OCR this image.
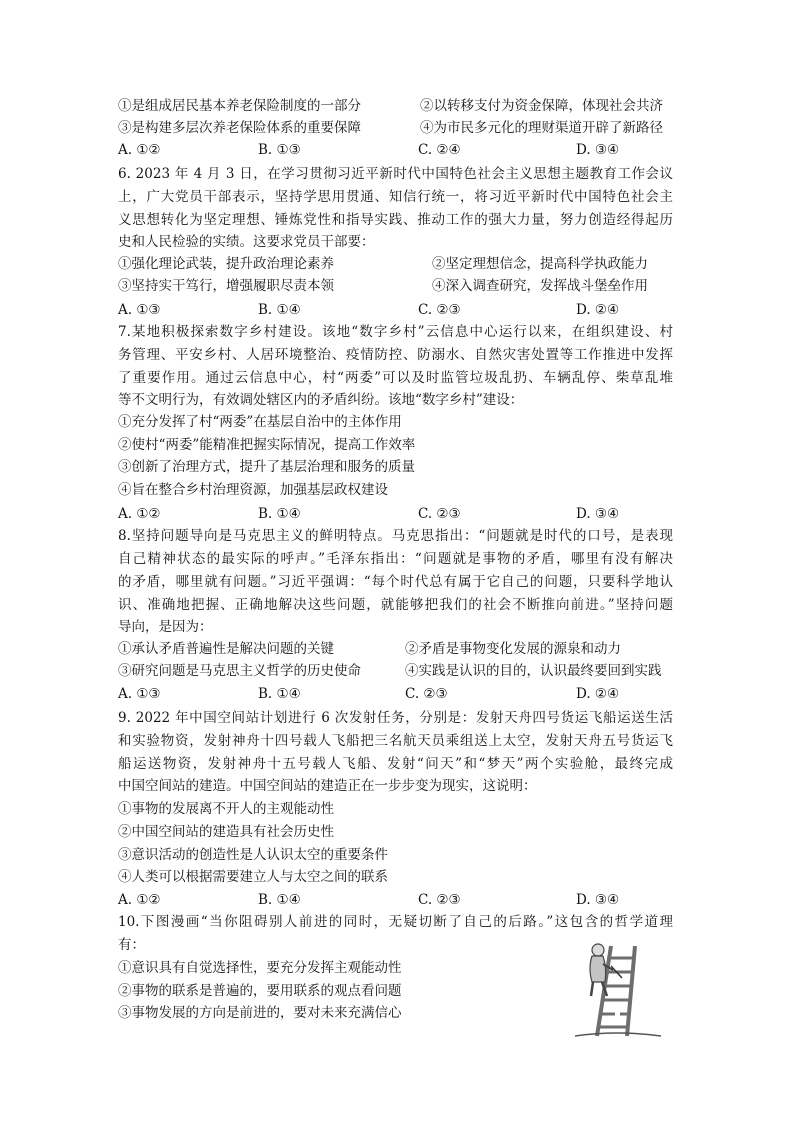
①是组成居民基本养老保险制度的一部分	②以转移支付为资金保障，体现社会共济
③是构建多层次养老保险体系的重要保障	④为市民多元化的理财渠道开辟了新路径
A. ①②	B. ①③	C. ②④	D. ③④
6. 2023 年 4 月 3 日，在学习贯彻习近平新时代中国特色社会主义思想主题教育工作会议
上，广大党员干部表示，坚持学思用贯通、知信行统一，将习近平新时代中国特色社会主
义思想转化为坚定理想、锤炼党性和指导实践、推动工作的强大力量，努力创造经得起历
史和人民检验的实绩。这要求党员干部要：
①强化理论武装，提升政治理论素养	②坚定理想信念，提高科学执政能力
③坚持实干笃行，增强履职尽责本领	④深入调查研究，发挥战斗堡垒作用
A. ①③	B. ①④	C. ②③	D. ②④
7.某地积极探索数字乡村建设。该地“数字乡村”云信息中心运行以来，在组织建设、村
务管理、平安乡村、人居环境整治、疫情防控、防溺水、自然灾害处置等工作推进中发挥
了重要作用。通过云信息中心，村“两委”可以及时监管垃圾乱扔、车辆乱停、柴草乱堆
等不文明行为，有效调处辖区内的矛盾纠纷。该地“数字乡村”建设：
①充分发挥了村“两委”在基层自治中的主体作用
②使村“两委”能精准把握实际情况，提高工作效率
③创新了治理方式，提升了基层治理和服务的质量
④旨在整合乡村治理资源，加强基层政权建设
A. ①②	B. ①④	C. ②③	D. ③④
8.坚持问题导向是马克思主义的鲜明特点。马克思指出：“问题就是时代的口号，是表现
自己精神状态的最实际的呼声。”毛泽东指出：“问题就是事物的矛盾，哪里有没有解决
的矛盾，哪里就有问题。”习近平强调：“每个时代总有属于它自己的问题，只要科学地认
识、准确地把握、正确地解决这些问题，就能够把我们的社会不断推向前进。”坚持问题
导向，是因为：
①承认矛盾普遍性是解决问题的关键	②矛盾是事物变化发展的源泉和动力
③研究问题是马克思主义哲学的历史使命	④实践是认识的目的，认识最终要回到实践
A. ①③	B. ①④	C. ②③	D. ②④
9. 2022 年中国空间站计划进行 6 次发射任务，分别是：发射天舟四号货运飞船运送生活
和实验物资，发射神舟十四号载人飞船把三名航天员乘组送上太空，发射天舟五号货运飞
船运送物资，发射神舟十五号载人飞船、发射“问天”和“梦天”两个实验舱，最终完成
中国空间站的建造。中国空间站的建造正在一步步变为现实，这说明：
①事物的发展离不开人的主观能动性
②中国空间站的建造具有社会历史性
③意识活动的创造性是人认识太空的重要条件
④人类可以根据需要建立人与太空之间的联系
A. ①②	B. ①④	C. ②③	D. ③④
10.下图漫画“当你阻碍别人前进的同时，无疑切断了自己的后路。”这包含的哲学道理
有：
①意识具有自觉选择性，要充分发挥主观能动性
②事物的联系是普遍的，要用联系的观点看问题
③事物发展的方向是前进的，要对未来充满信心
